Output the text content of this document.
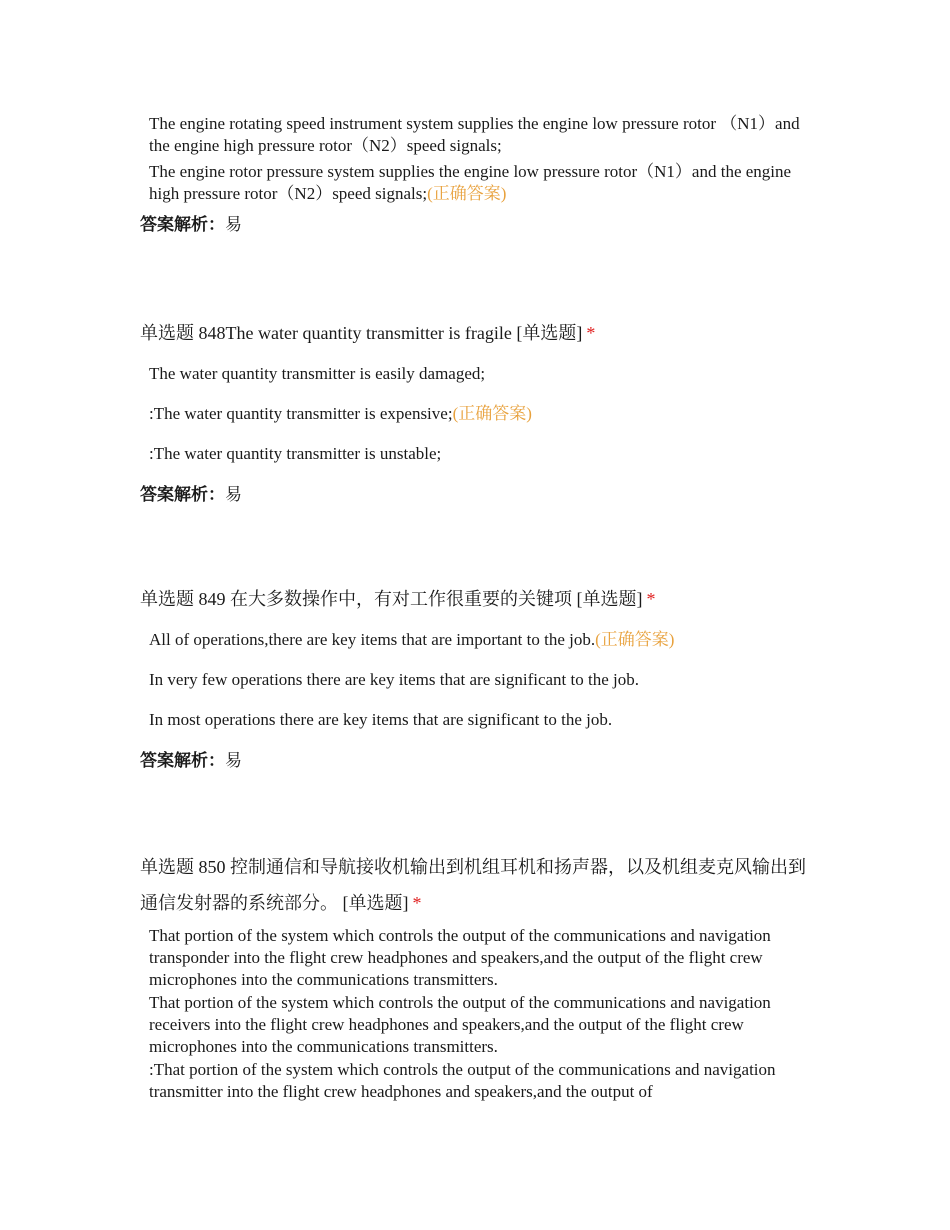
The engine rotating speed instrument system supplies the engine low pressure rotor （N1）and the engine high pressure rotor（N2）speed signals;
The engine rotor pressure system supplies the engine low pressure rotor（N1）and the engine high pressure rotor（N2）speed signals;(正确答案)
答案解析：易

单选题 848The water quantity transmitter is fragile [单选题] *

The water quantity transmitter is easily damaged;
:The water quantity transmitter is expensive;(正确答案)
:The water quantity transmitter is unstable;
答案解析：易

单选题 849 在大多数操作中，有对工作很重要的关键项 [单选题] *

All of operations,there are key items that are important to the job.(正确答案)
In very few operations there are key items that are significant to the job.
In most operations there are key items that are significant to the job.
答案解析：易

单选题 850 控制通信和导航接收机输出到机组耳机和扬声器，以及机组麦克风输出到通信发射器的系统部分。 [单选题] *

That portion of the system which controls the output of the communications and navigation transponder into the flight crew headphones and speakers,and the output of the flight crew microphones into the communications transmitters.
That portion of the system which controls the output of the communications and navigation receivers into the flight crew headphones and speakers,and the output of the flight crew microphones into the communications transmitters.
:That portion of the system which controls the output of the communications and navigation transmitter into the flight crew headphones and speakers,and the output of
